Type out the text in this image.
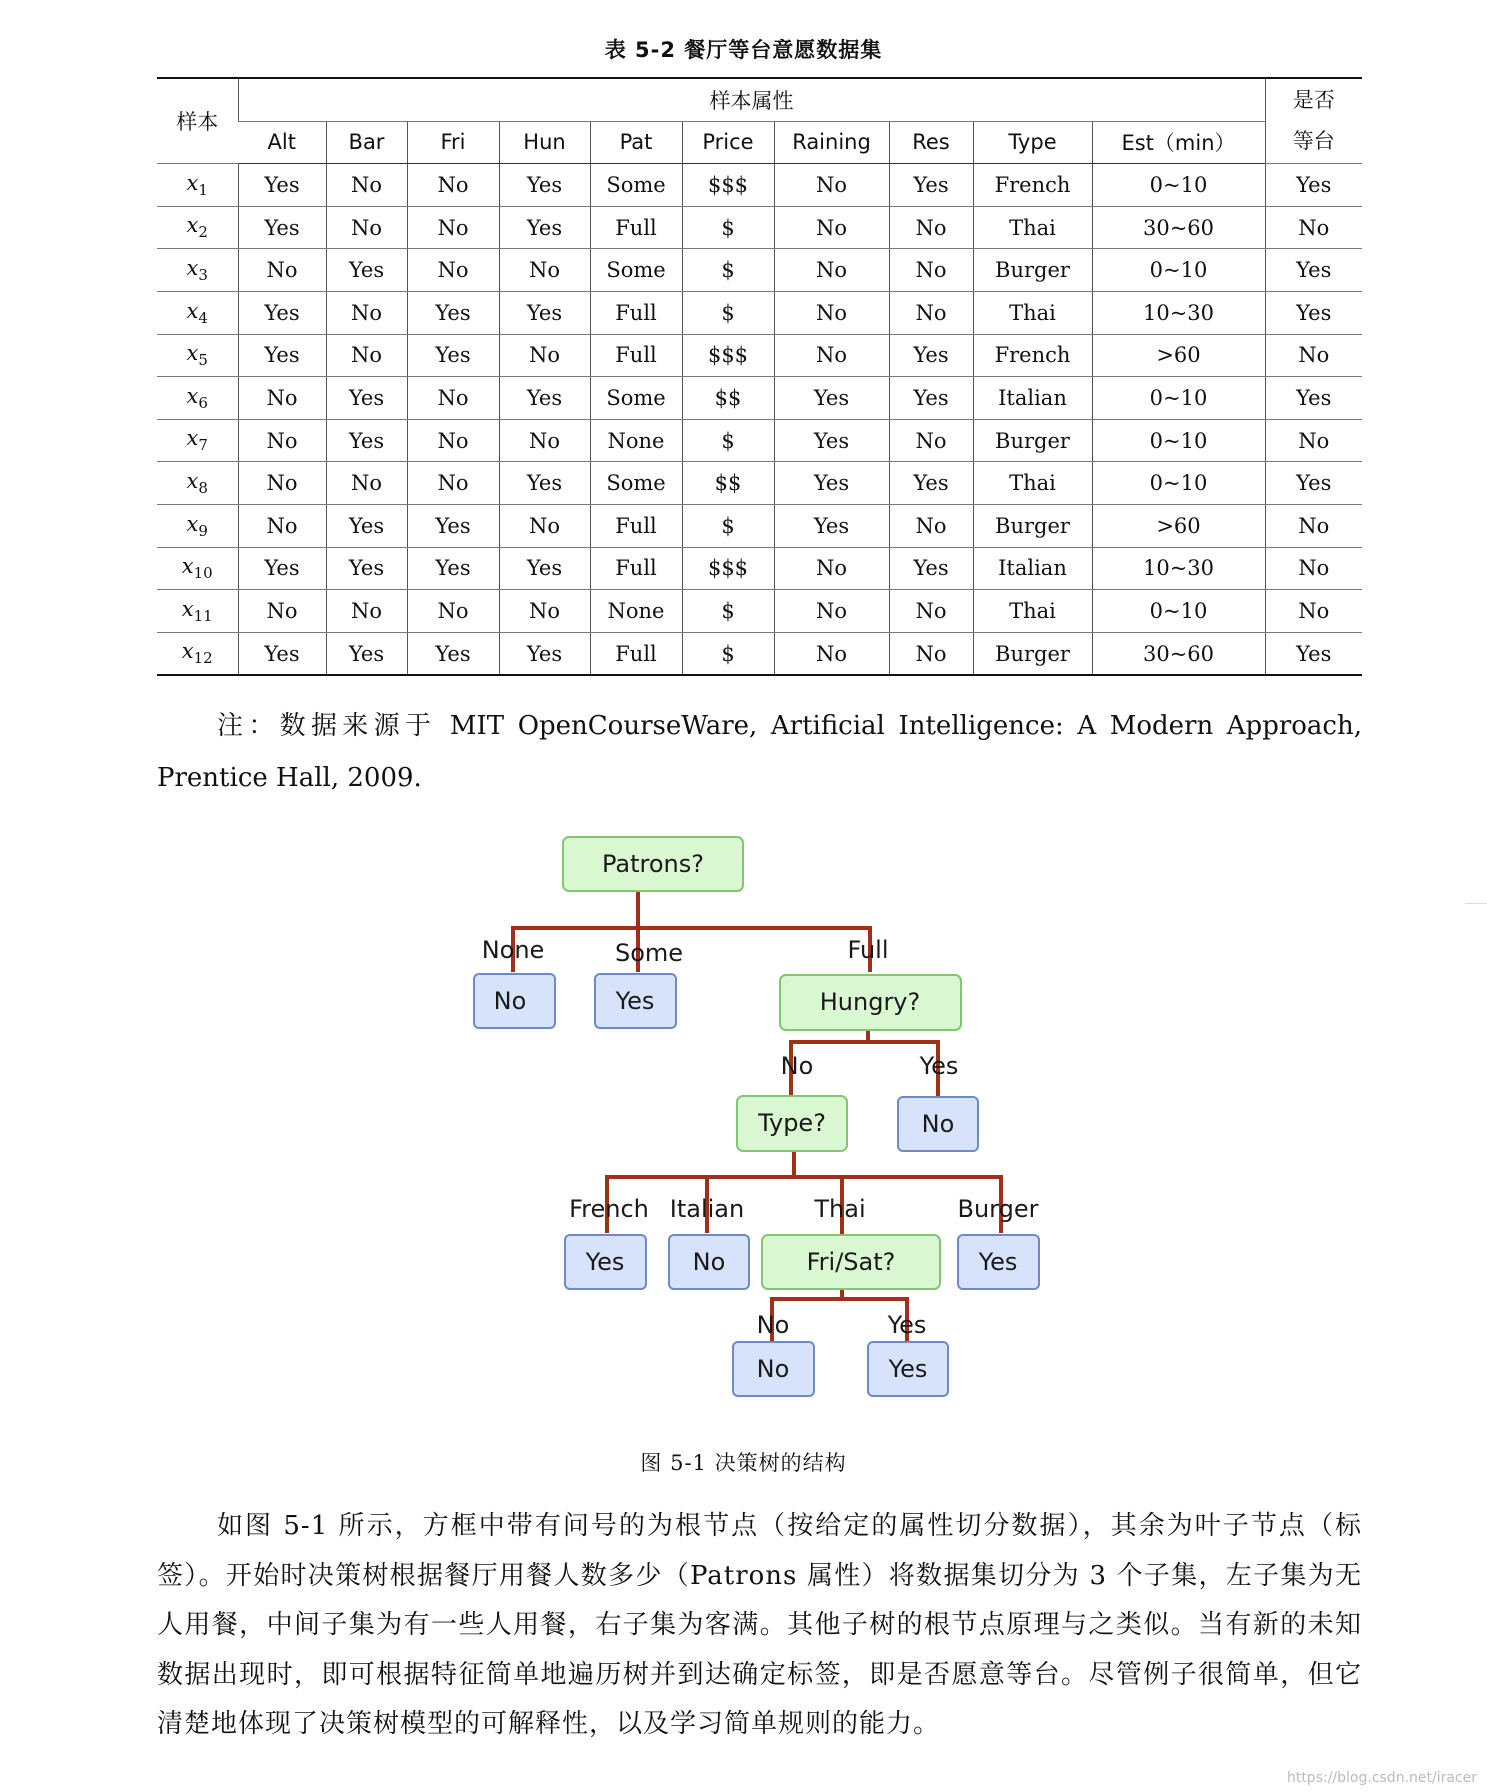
表 5-2 餐厅等台意愿数据集
样本	样本属性										是否等台
	Alt	Bar	Fri	Hun	Pat	Price	Raining	Res	Type	Est（min）	
$x_1$	Yes	No	No	Yes	Some	$$$	No	Yes	French	0~10	Yes
$x_2$	Yes	No	No	Yes	Full	$	No	No	Thai	30~60	No
$x_3$	No	Yes	No	No	Some	$	No	No	Burger	0~10	Yes
$x_4$	Yes	No	Yes	Yes	Full	$	No	No	Thai	10~30	Yes
$x_5$	Yes	No	Yes	No	Full	$$$	No	Yes	French	>60	No
$x_6$	No	Yes	No	Yes	Some	$$	Yes	Yes	Italian	0~10	Yes
$x_7$	No	Yes	No	No	None	$	Yes	No	Burger	0~10	No
$x_8$	No	No	No	Yes	Some	$$	Yes	Yes	Thai	0~10	Yes
$x_9$	No	Yes	Yes	No	Full	$	Yes	No	Burger	>60	No
$x_{10}$	Yes	Yes	Yes	Yes	Full	$$$	No	Yes	Italian	10~30	No
$x_{11}$	No	No	No	No	None	$	No	No	Thai	0~10	No
$x_{12}$	Yes	Yes	Yes	Yes	Full	$	No	No	Burger	30~60	Yes
注：数据来源于 MIT OpenCourseWare, Artificial Intelligence: A Modern Approach, Prentice Hall, 2009.
None	Some	Full
No	Yes
French Italian	Thai	Burger
No	Yes
Patrons?
Hungry?
Type?
Fri/Sat?
No	Yes
No
Yes	No	Yes
No	Yes
图 5-1 决策树的结构
如图 5-1 所示，方框中带有问号的为根节点（按给定的属性切分数据），其余为叶子节点（标签）。开始时决策树根据餐厅用餐人数多少（Patrons 属性）将数据集切分为 3 个子集，左子集为无人用餐，中间子集为有一些人用餐，右子集为客满。其他子树的根节点原理与之类似。当有新的未知数据出现时，即可根据特征简单地遍历树并到达确定标签，即是否愿意等台。尽管例子很简单，但它清楚地体现了决策树模型的可解释性，以及学习简单规则的能力。
https://blog.csdn.net/iracer
